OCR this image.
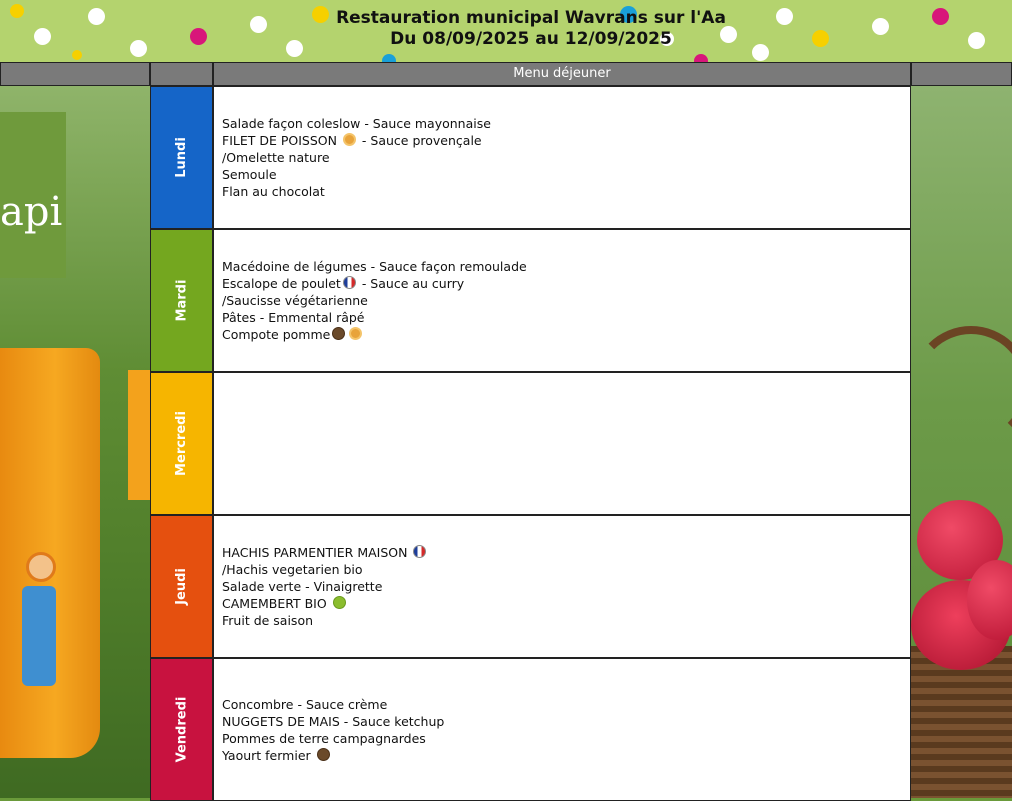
Restauration municipal Wavrans sur l'Aa
Du 08/09/2025 au 12/09/2025
Menu déjeuner
api
Lundi
Mardi
Mercredi
Jeudi
Vendredi
Salade façon coleslow - Sauce mayonnaise
FILET DE POISSON  - Sauce provençale
/Omelette nature
Semoule
Flan au chocolat
Macédoine de légumes - Sauce façon remoulade
Escalope de poulet - Sauce au curry
/Saucisse végétarienne
Pâtes - Emmental râpé
Compote pomme
HACHIS PARMENTIER MAISON
/Hachis vegetarien bio
Salade verte - Vinaigrette
CAMEMBERT BIO
Fruit de saison
Concombre - Sauce crème
NUGGETS DE MAIS - Sauce ketchup
Pommes de terre campagnardes
Yaourt fermier
